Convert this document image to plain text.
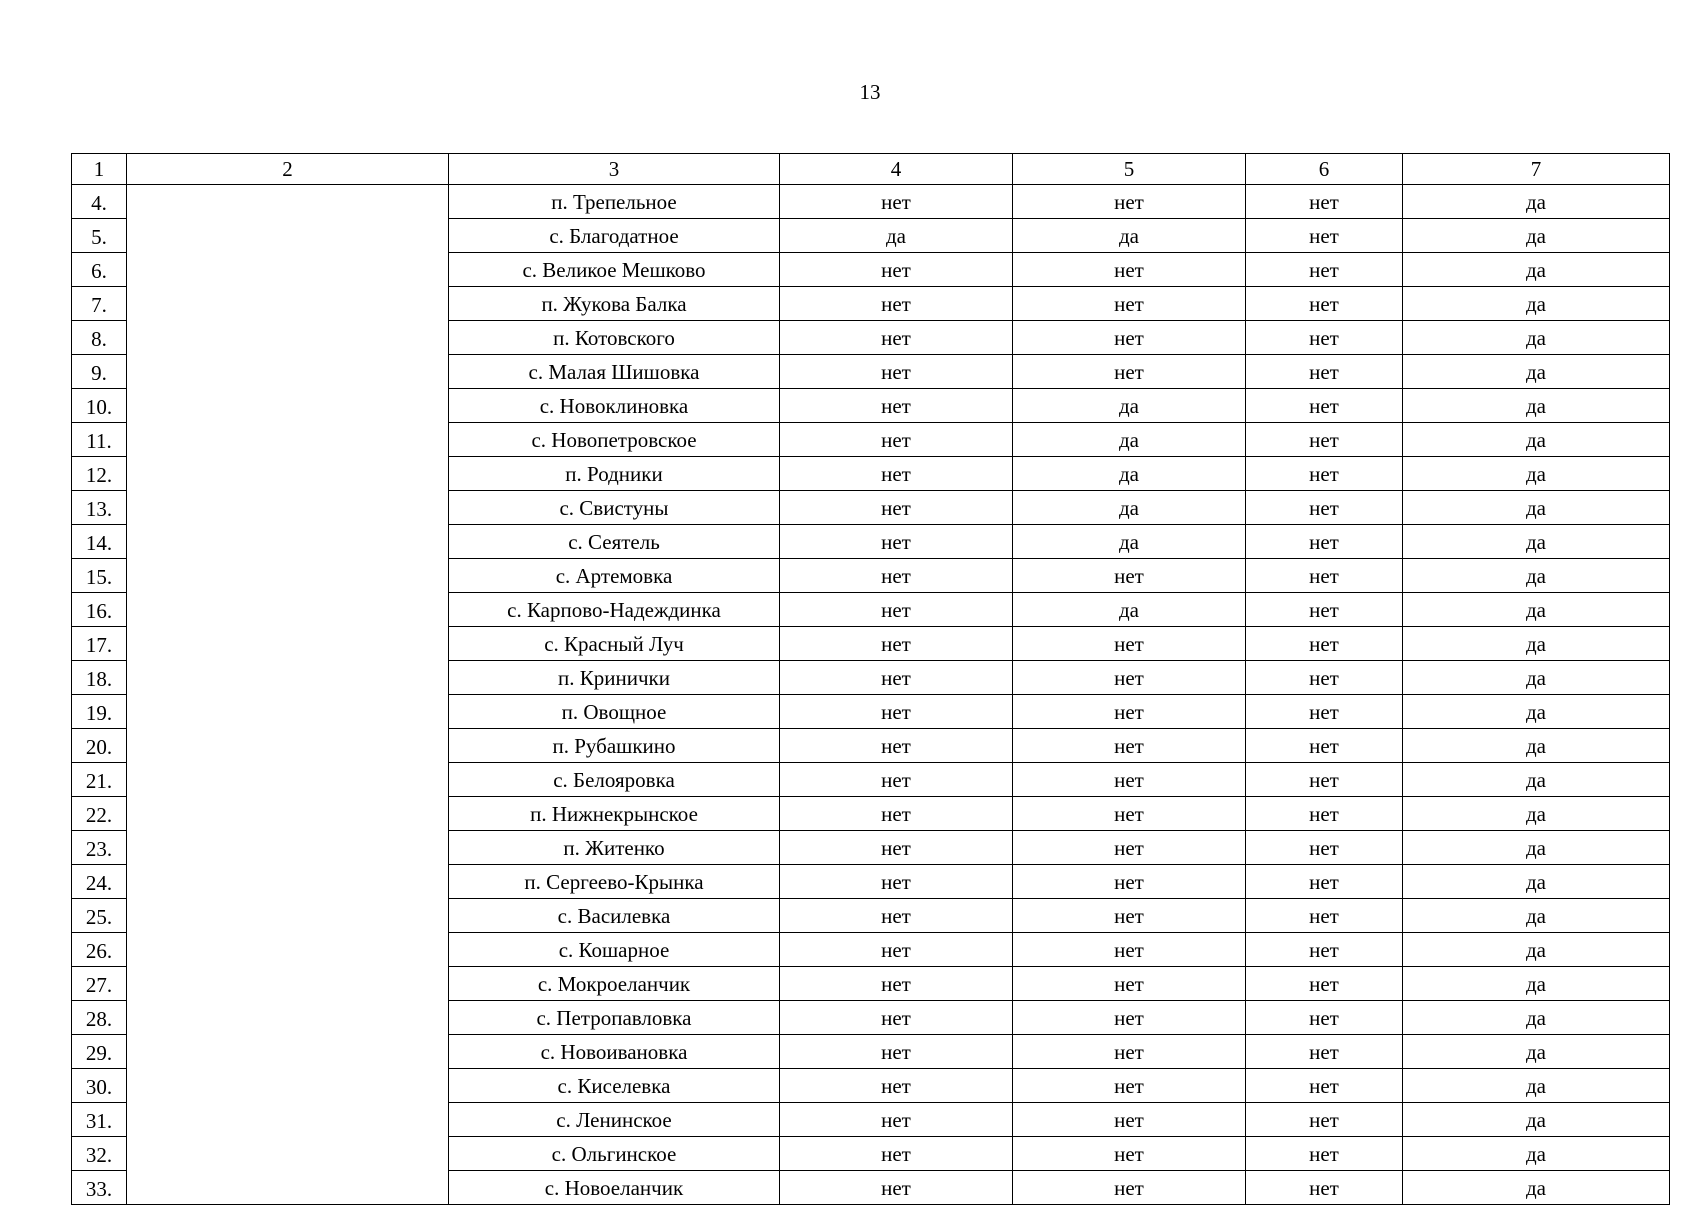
13
1	2	3	4	5	6	7
4.		п. Трепельное	нет	нет	нет	да
5.		с. Благодатное	да	да	нет	да
6.		с. Великое Мешково	нет	нет	нет	да
7.		п. Жукова Балка	нет	нет	нет	да
8.		п. Котовского	нет	нет	нет	да
9.		с. Малая Шишовка	нет	нет	нет	да
10.		с. Новоклиновка	нет	да	нет	да
11.		с. Новопетровское	нет	да	нет	да
12.		п. Родники	нет	да	нет	да
13.		с. Свистуны	нет	да	нет	да
14.		с. Сеятель	нет	да	нет	да
15.		с. Артемовка	нет	нет	нет	да
16.		с. Карпово-Надеждинка	нет	да	нет	да
17.		с. Красный Луч	нет	нет	нет	да
18.		п. Кринички	нет	нет	нет	да
19.		п. Овощное	нет	нет	нет	да
20.		п. Рубашкино	нет	нет	нет	да
21.		с. Белояровка	нет	нет	нет	да
22.		п. Нижнекрынское	нет	нет	нет	да
23.		п. Житенко	нет	нет	нет	да
24.		п. Сергеево-Крынка	нет	нет	нет	да
25.		с. Василевка	нет	нет	нет	да
26.		с. Кошарное	нет	нет	нет	да
27.		с. Мокроеланчик	нет	нет	нет	да
28.		с. Петропавловка	нет	нет	нет	да
29.		с. Новоивановка	нет	нет	нет	да
30.		с. Киселевка	нет	нет	нет	да
31.		с. Ленинское	нет	нет	нет	да
32.		с. Ольгинское	нет	нет	нет	да
33.		с. Новоеланчик	нет	нет	нет	да
